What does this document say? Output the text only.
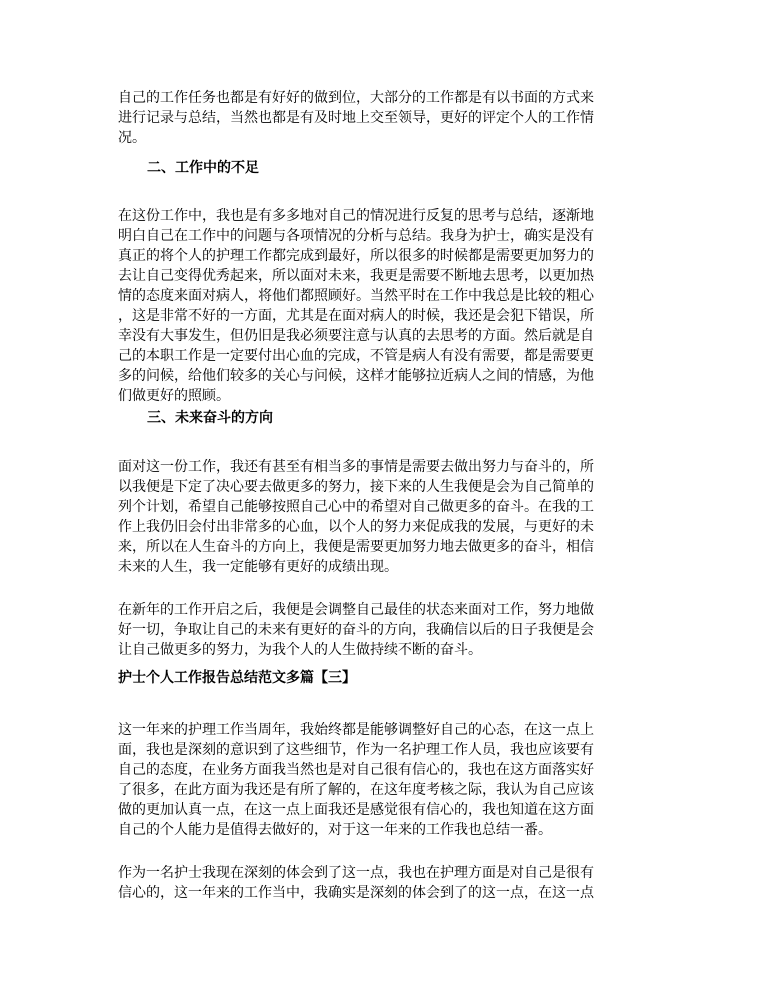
自己的工作任务也都是有好好的做到位，大部分的工作都是有以书面的方式来
进行记录与总结，当然也都是有及时地上交至领导，更好的评定个人的工作情
况。

二、工作中的不足

在这份工作中，我也是有多多地对自己的情况进行反复的思考与总结，逐渐地
明白自己在工作中的问题与各项情况的分析与总结。我身为护士，确实是没有
真正的将个人的护理工作都完成到最好，所以很多的时候都是需要更加努力的
去让自己变得优秀起来，所以面对未来，我更是需要不断地去思考，以更加热
情的态度来面对病人，将他们都照顾好。当然平时在工作中我总是比较的粗心
，这是非常不好的一方面，尤其是在面对病人的时候，我还是会犯下错误，所
幸没有大事发生，但仍旧是我必须要注意与认真的去思考的方面。然后就是自
己的本职工作是一定要付出心血的完成，不管是病人有没有需要，都是需要更
多的问候，给他们较多的关心与问候，这样才能够拉近病人之间的情感，为他
们做更好的照顾。

三、未来奋斗的方向

面对这一份工作，我还有甚至有相当多的事情是需要去做出努力与奋斗的，所
以我便是下定了决心要去做更多的努力，接下来的人生我便是会为自己简单的
列个计划，希望自己能够按照自己心中的希望对自己做更多的奋斗。在我的工
作上我仍旧会付出非常多的心血，以个人的努力来促成我的发展，与更好的未
来，所以在人生奋斗的方向上，我便是需要更加努力地去做更多的奋斗，相信
未来的人生，我一定能够有更好的成绩出现。

在新年的工作开启之后，我便是会调整自己最佳的状态来面对工作，努力地做
好一切，争取让自己的未来有更好的奋斗的方向，我确信以后的日子我便是会
让自己做更多的努力，为我个人的人生做持续不断的奋斗。

护士个人工作报告总结范文多篇【三】

这一年来的护理工作当周年，我始终都是能够调整好自己的心态，在这一点上
面，我也是深刻的意识到了这些细节，作为一名护理工作人员，我也应该要有
自己的态度，在业务方面我当然也是对自己很有信心的，我也在这方面落实好
了很多，在此方面为我还是有所了解的，在这年度考核之际，我认为自己应该
做的更加认真一点，在这一点上面我还是感觉很有信心的，我也知道在这方面
自己的个人能力是值得去做好的，对于这一年来的工作我也总结一番。

作为一名护士我现在深刻的体会到了这一点，我也在护理方面是对自己是很有
信心的，这一年来的工作当中，我确实是深刻的体会到了的这一点，在这一点
